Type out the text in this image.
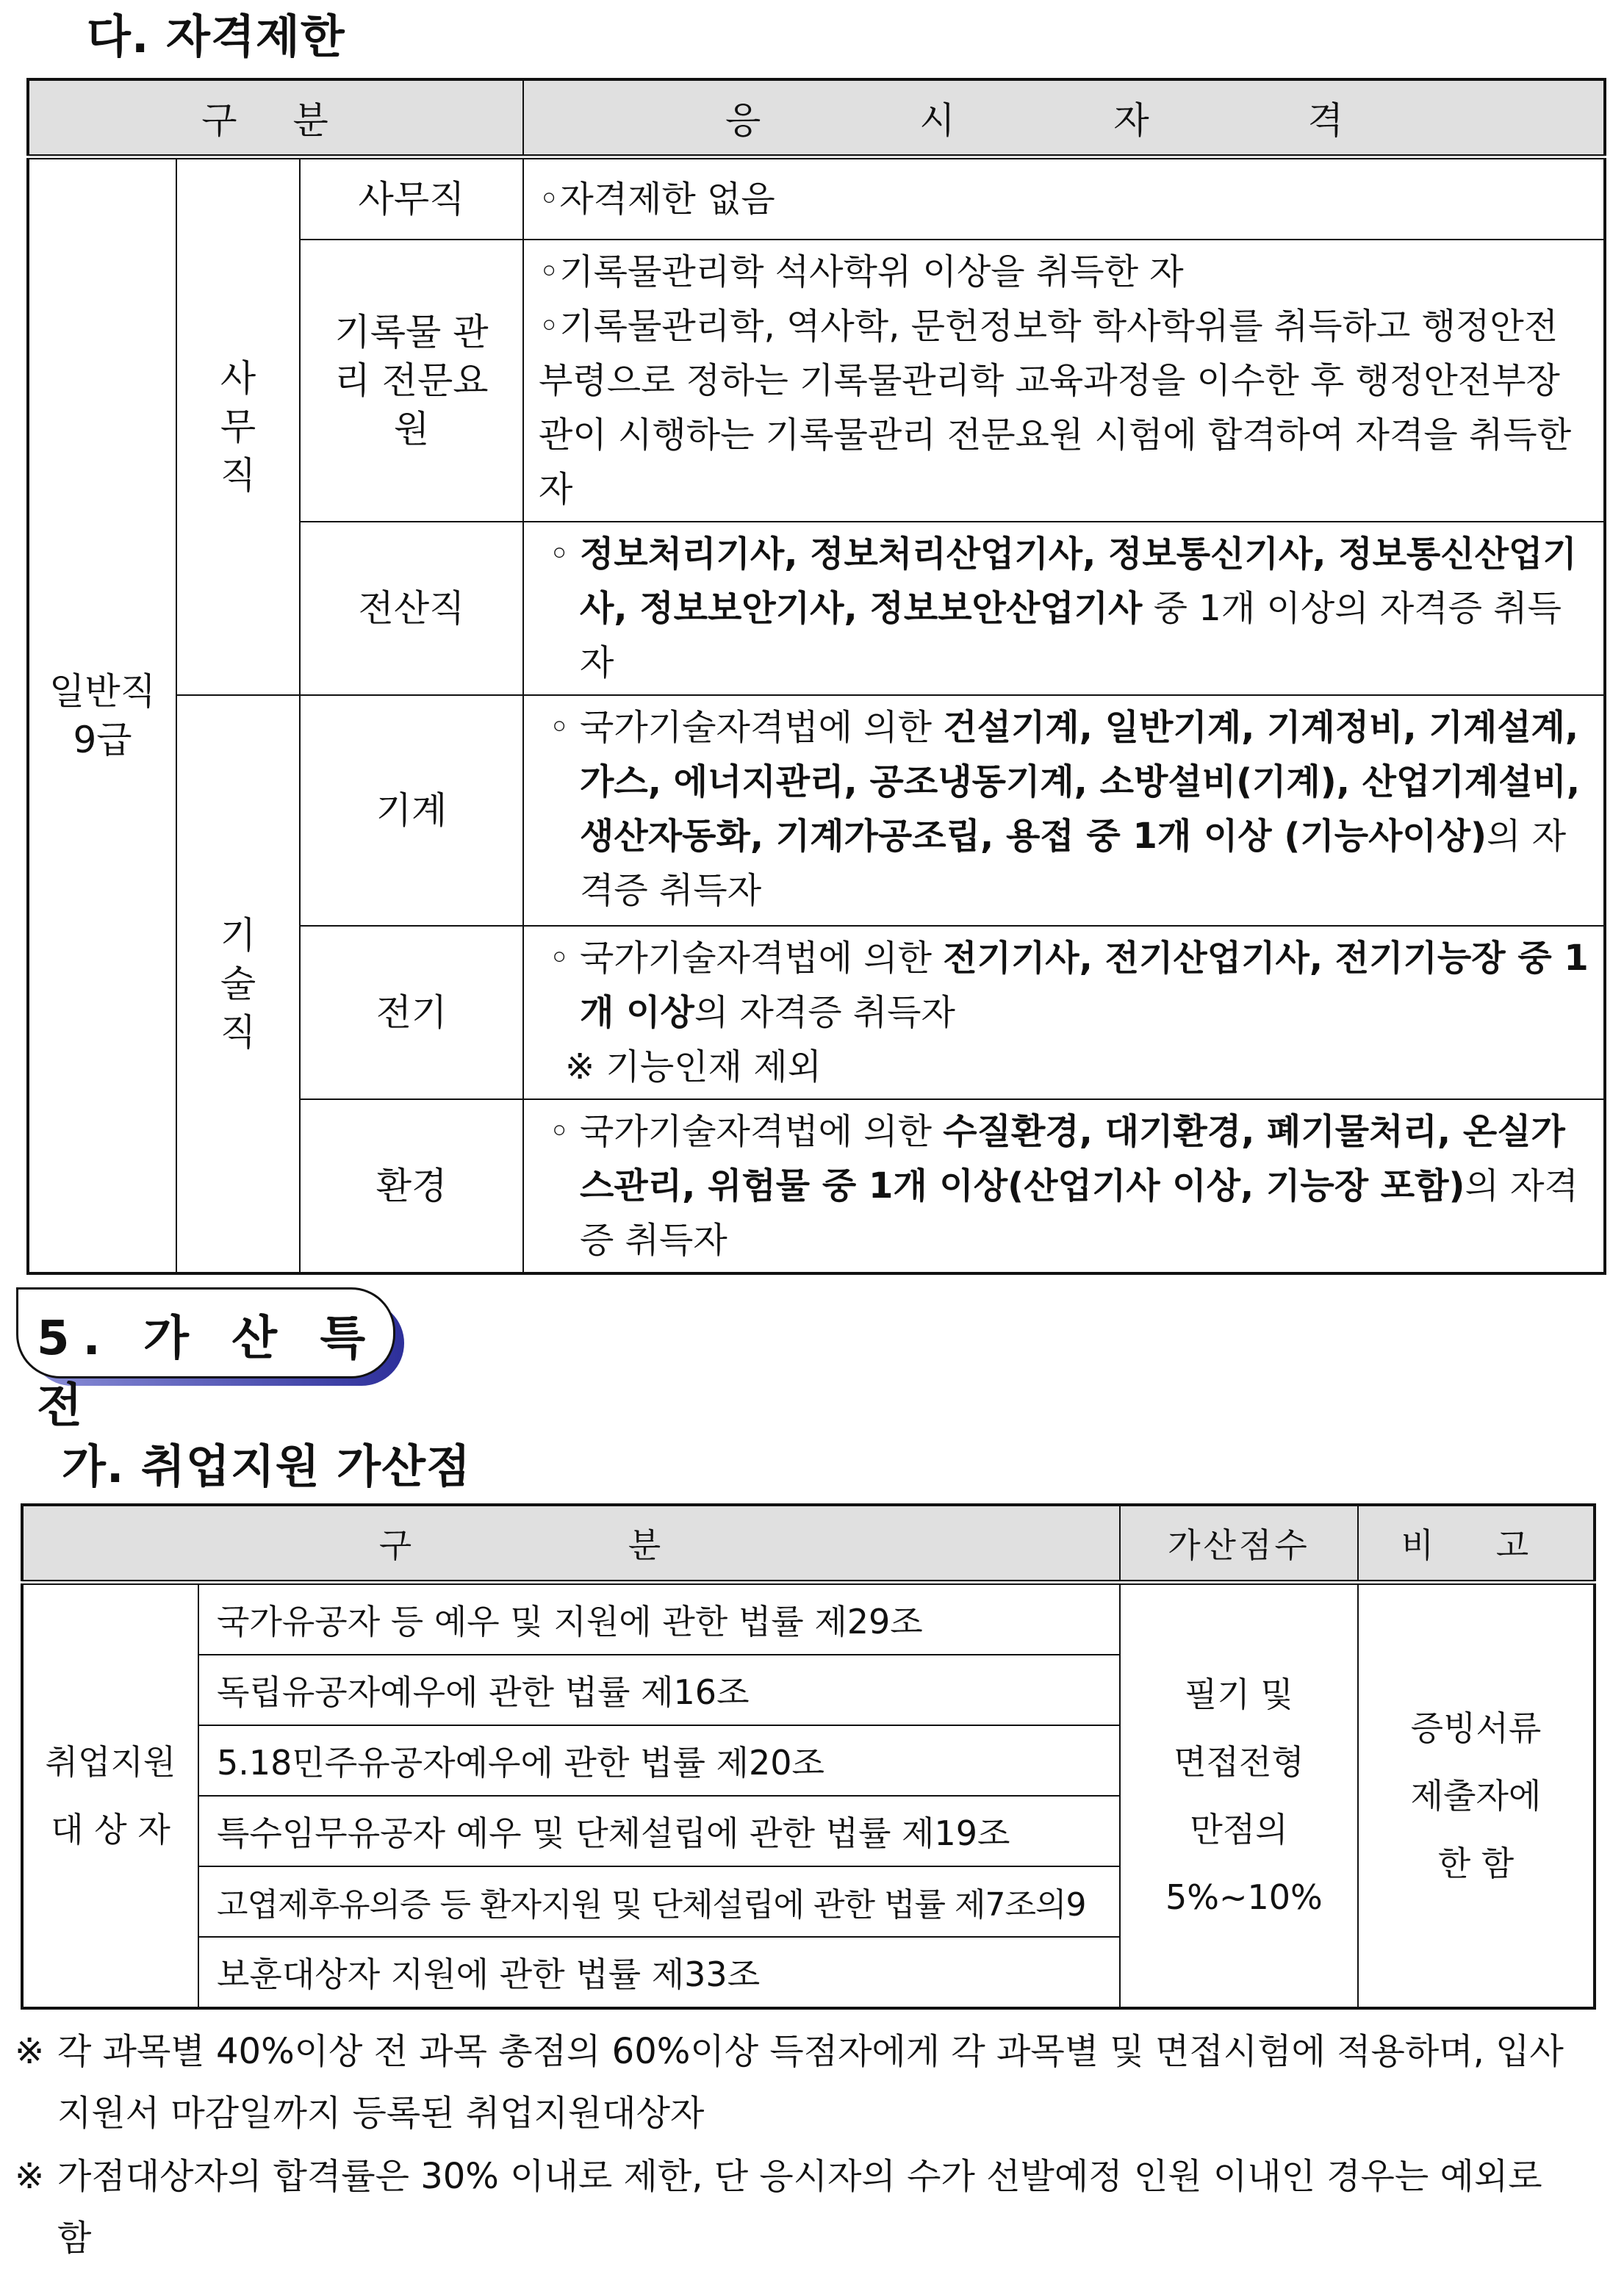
다. 자격제한
구 분			응 시 자 격

일반직 9급	사무직	사무직	◦자격제한 없음

		기록물 관리 전문요원	◦기록물관리학 석사학위 이상을 취득한 자
◦기록물관리학, 역사학, 문헌정보학 학사학위를 취득하고 행정안전부령으로 정하는 기록물관리학 교육과정을 이수한 후 행정안전부장관이 시행하는 기록물관리 전문요원 시험에 합격하여 자격을 취득한 자
		전산직	◦ 정보처리기사, 정보처리산업기사, 정보통신기사, 정보통신산업기사, 정보보안기사, 정보보안산업기사 중 1개 이상의 자격증 취득자

	기술직	기계	◦ 국가기술자격법에 의한 건설기계, 일반기계, 기계정비, 기계설계, 가스, 에너지관리, 공조냉동기계, 소방설비(기계), 산업기계설비, 생산자동화, 기계가공조립, 용접 중 1개 이상 (기능사이상)의 자격증 취득자

		전기	◦ 국가기술자격법에 의한 전기기사, 전기산업기사, 전기기능장 중 1개 이상의 자격증 취득자
※ 기능인재 제외

		환경	◦ 국가기술자격법에 의한 수질환경, 대기환경, 폐기물처리, 온실가스관리, 위험물 중 1개 이상(산업기사 이상, 기능장 포함)의 자격증 취득자
5. 가 산 특 전
가. 취업지원 가산점
구 분		가산점수	비 고

취업지원 대 상 자	국가유공자 등 예우 및 지원에 관한 법률 제29조	필기 및 면접전형 만점의 5%~10%	증빙서류 제출자에 한 함

	독립유공자예우에 관한 법률 제16조		
	5.18민주유공자예우에 관한 법률 제20조		
	특수임무유공자 예우 및 단체설립에 관한 법률 제19조		
	고엽제후유의증 등 환자지원 및 단체설립에 관한 법률 제7조의9		
	보훈대상자 지원에 관한 법률 제33조		
※ 각 과목별 40%이상 전 과목 총점의 60%이상 득점자에게 각 과목별 및 면접시험에 적용하며, 입사지원서 마감일까지 등록된 취업지원대상자
※ 가점대상자의 합격률은 30% 이내로 제한, 단 응시자의 수가 선발예정 인원 이내인 경우는 예외로 함
